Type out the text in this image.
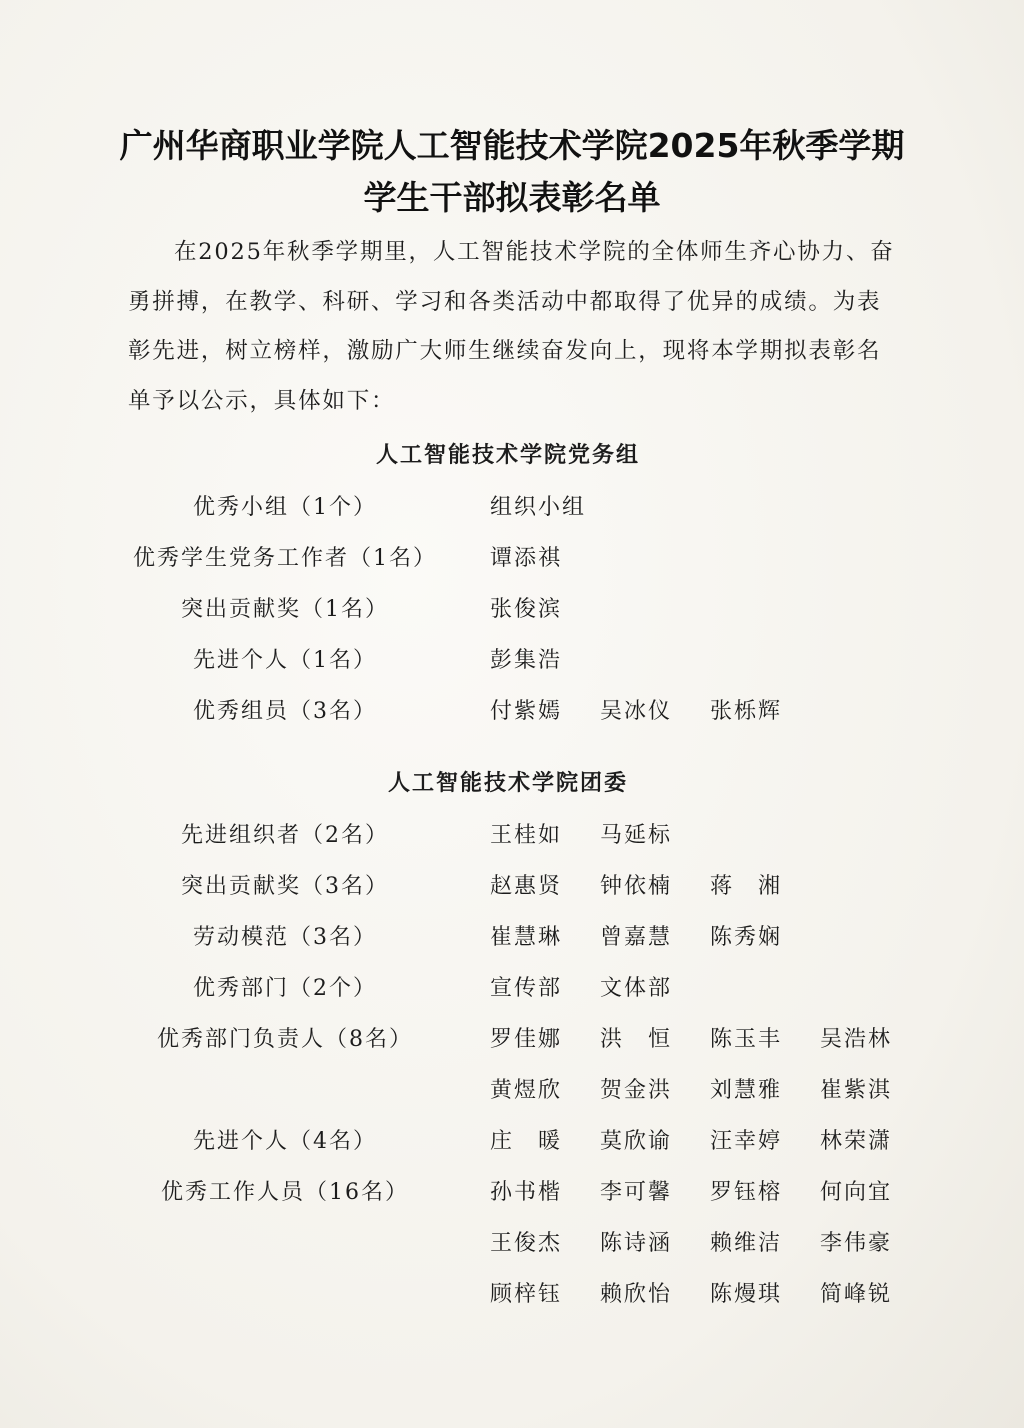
广州华商职业学院人工智能技术学院2025年秋季学期
学生干部拟表彰名单
在2025年秋季学期里，人工智能技术学院的全体师生齐心协力、奋勇拼搏，在教学、科研、学习和各类活动中都取得了优异的成绩。为表彰先进，树立榜样，激励广大师生继续奋发向上，现将本学期拟表彰名单予以公示，具体如下：
人工智能技术学院党务组
优秀小组（1个）	组织小组
优秀学生党务工作者（1名） 谭添祺
突出贡献奖（1名）	张俊滨
先进个人（1名）	彭集浩
优秀组员（3名）	付紫嫣 吴冰仪 张栎辉
人工智能技术学院团委
先进组织者（2名）	王桂如 马延标
突出贡献奖（3名）	赵惠贤 钟依楠 蒋　湘
劳动模范（3名）	崔慧琳 曾嘉慧 陈秀娴
优秀部门（2个）	宣传部 文体部
优秀部门负责人（8名）	罗佳娜 洪　恒 陈玉丰 吴浩林
黄煜欣 贺金洪 刘慧雅 崔紫淇
先进个人（4名）	庄　暖 莫欣谕 汪幸婷 林荣潇
优秀工作人员（16名）	孙书楷 李可馨 罗钰榕 何向宜
王俊杰 陈诗涵 赖维洁 李伟豪
顾梓钰 赖欣怡 陈熳琪 简峰锐
